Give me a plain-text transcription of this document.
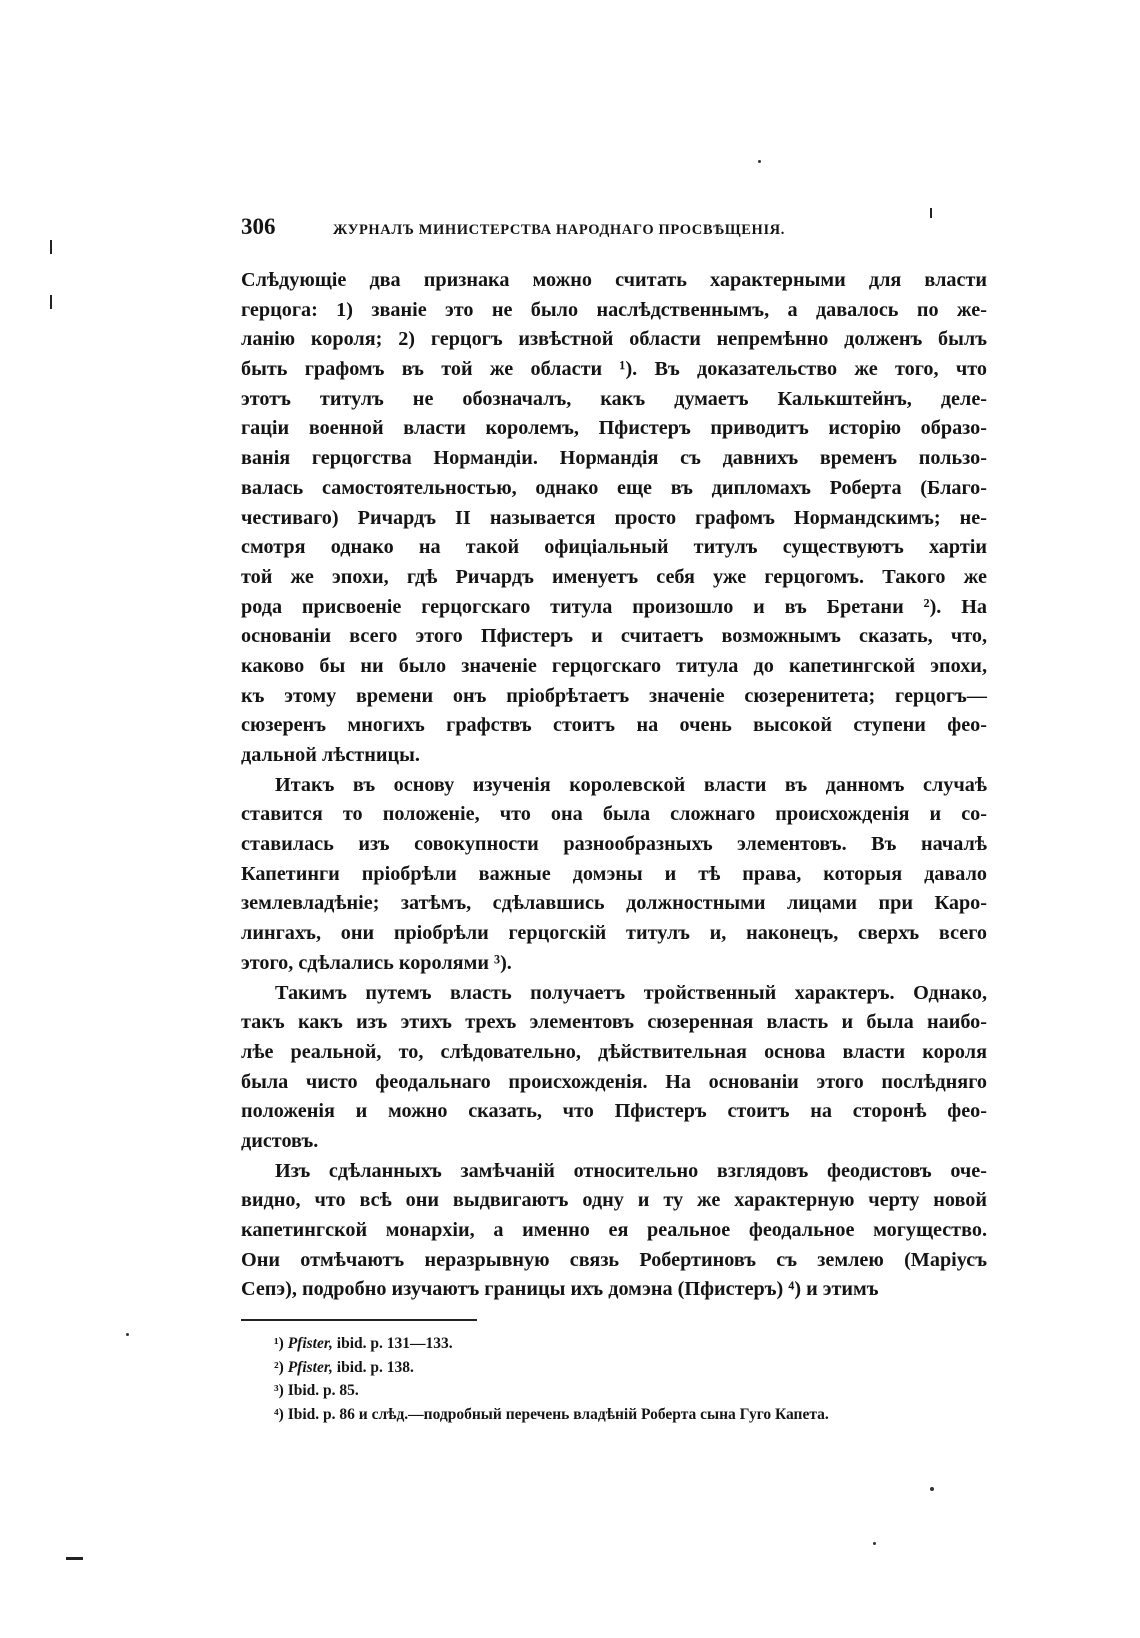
306	ЖУРНАЛЪ МИНИСТЕРСТВА НАРОДНАГО ПРОСВѢЩЕНІЯ.
Слѣдующіе два признака можно считать характерными для власти
герцога: 1) званіе это не было наслѣдственнымъ, а давалось по же-
ланію короля; 2) герцогъ извѣстной области непремѣнно долженъ былъ
быть графомъ въ той же области ¹). Въ доказательство же того, что
этотъ титулъ не обозначалъ, какъ думаетъ Калькштейнъ, деле-
гаціи военной власти королемъ, Пфистеръ приводитъ исторію образо-
ванія герцогства Нормандіи. Нормандія съ давнихъ временъ пользо-
валась самостоятельностью, однако еще въ дипломахъ Роберта (Благо-
честиваго) Ричардъ II называется просто графомъ Нормандскимъ; не-
смотря однако на такой офиціальный титулъ существуютъ хартіи
той же эпохи, гдѣ Ричардъ именуетъ себя уже герцогомъ. Такого же
рода присвоеніе герцогскаго титула произошло и въ Бретани ²). На
основаніи всего этого Пфистеръ и считаетъ возможнымъ сказать, что,
каково бы ни было значеніе герцогскаго титула до капетингской эпохи,
къ этому времени онъ пріобрѣтаетъ значеніе сюзеренитета; герцогъ—
сюзеренъ многихъ графствъ стоитъ на очень высокой ступени фео-
дальной лѣстницы.
Итакъ въ основу изученія королевской власти въ данномъ случаѣ
ставится то положеніе, что она была сложнаго происхожденія и со-
ставилась изъ совокупности разнообразныхъ элементовъ. Въ началѣ
Капетинги пріобрѣли важные домэны и тѣ права, которыя давало
землевладѣніе; затѣмъ, сдѣлавшись должностными лицами при Каро-
лингахъ, они пріобрѣли герцогскій титулъ и, наконецъ, сверхъ всего
этого, сдѣлались королями ³).
Такимъ путемъ власть получаетъ тройственный характеръ. Однако,
такъ какъ изъ этихъ трехъ элементовъ сюзеренная власть и была наибо-
лѣе реальной, то, слѣдовательно, дѣйствительная основа власти короля
была чисто феодальнаго происхожденія. На основаніи этого послѣдняго
положенія и можно сказать, что Пфистеръ стоитъ на сторонѣ фео-
дистовъ.
Изъ сдѣланныхъ замѣчаній относительно взглядовъ феодистовъ оче-
видно, что всѣ они выдвигаютъ одну и ту же характерную черту новой
капетингской монархіи, а именно ея реальное феодальное могущество.
Они отмѣчаютъ неразрывную связь Робертиновъ съ землею (Маріусъ
Сепэ), подробно изучаютъ границы ихъ домэна (Пфистеръ) ⁴) и этимъ
¹) Pfister, ibid. p. 131—133.
²) Pfister, ibid. p. 138.
³) Ibid. p. 85.
⁴) Ibid. p. 86 и слѣд.—подробный перечень владѣній Роберта сына Гуго Капета.
